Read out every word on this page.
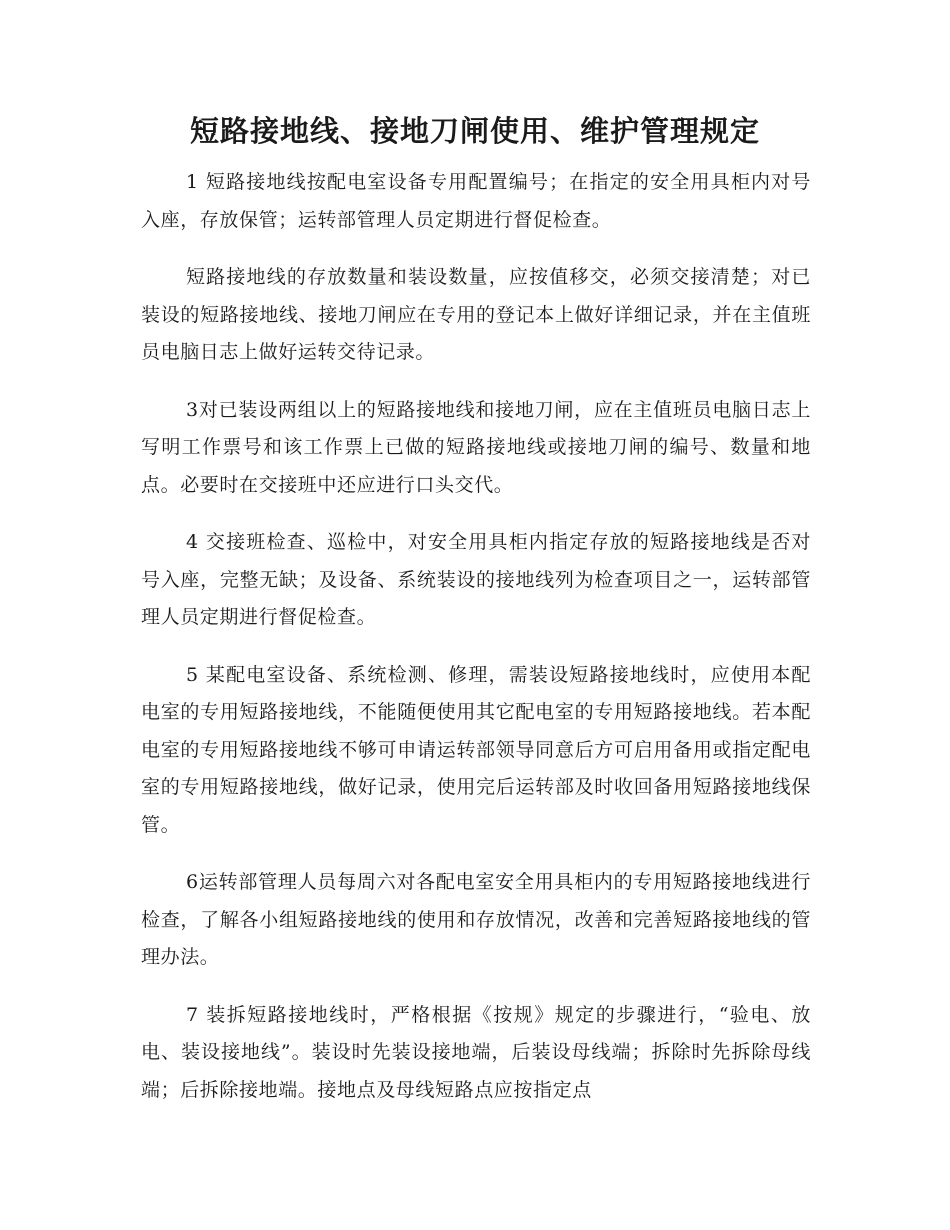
短路接地线、接地刀闸使用、维护管理规定

1 短路接地线按配电室设备专用配置编号；在指定的安全用具柜内对号入座，存放保管；运转部管理人员定期进行督促检查。

短路接地线的存放数量和装设数量，应按值移交，必须交接清楚；对已装设的短路接地线、接地刀闸应在专用的登记本上做好详细记录，并在主值班员电脑日志上做好运转交待记录。

3对已装设两组以上的短路接地线和接地刀闸，应在主值班员电脑日志上写明工作票号和该工作票上已做的短路接地线或接地刀闸的编号、数量和地点。必要时在交接班中还应进行口头交代。

4 交接班检查、巡检中，对安全用具柜内指定存放的短路接地线是否对号入座，完整无缺；及设备、系统装设的接地线列为检查项目之一，运转部管理人员定期进行督促检查。

5 某配电室设备、系统检测、修理，需装设短路接地线时，应使用本配电室的专用短路接地线，不能随便使用其它配电室的专用短路接地线。若本配电室的专用短路接地线不够可申请运转部领导同意后方可启用备用或指定配电室的专用短路接地线，做好记录，使用完后运转部及时收回备用短路接地线保管。

6运转部管理人员每周六对各配电室安全用具柜内的专用短路接地线进行检查，了解各小组短路接地线的使用和存放情况，改善和完善短路接地线的管理办法。

7 装拆短路接地线时，严格根据《按规》规定的步骤进行，“验电、放电、装设接地线”。装设时先装设接地端，后装设母线端；拆除时先拆除母线端；后拆除接地端。接地点及母线短路点应按指定点
